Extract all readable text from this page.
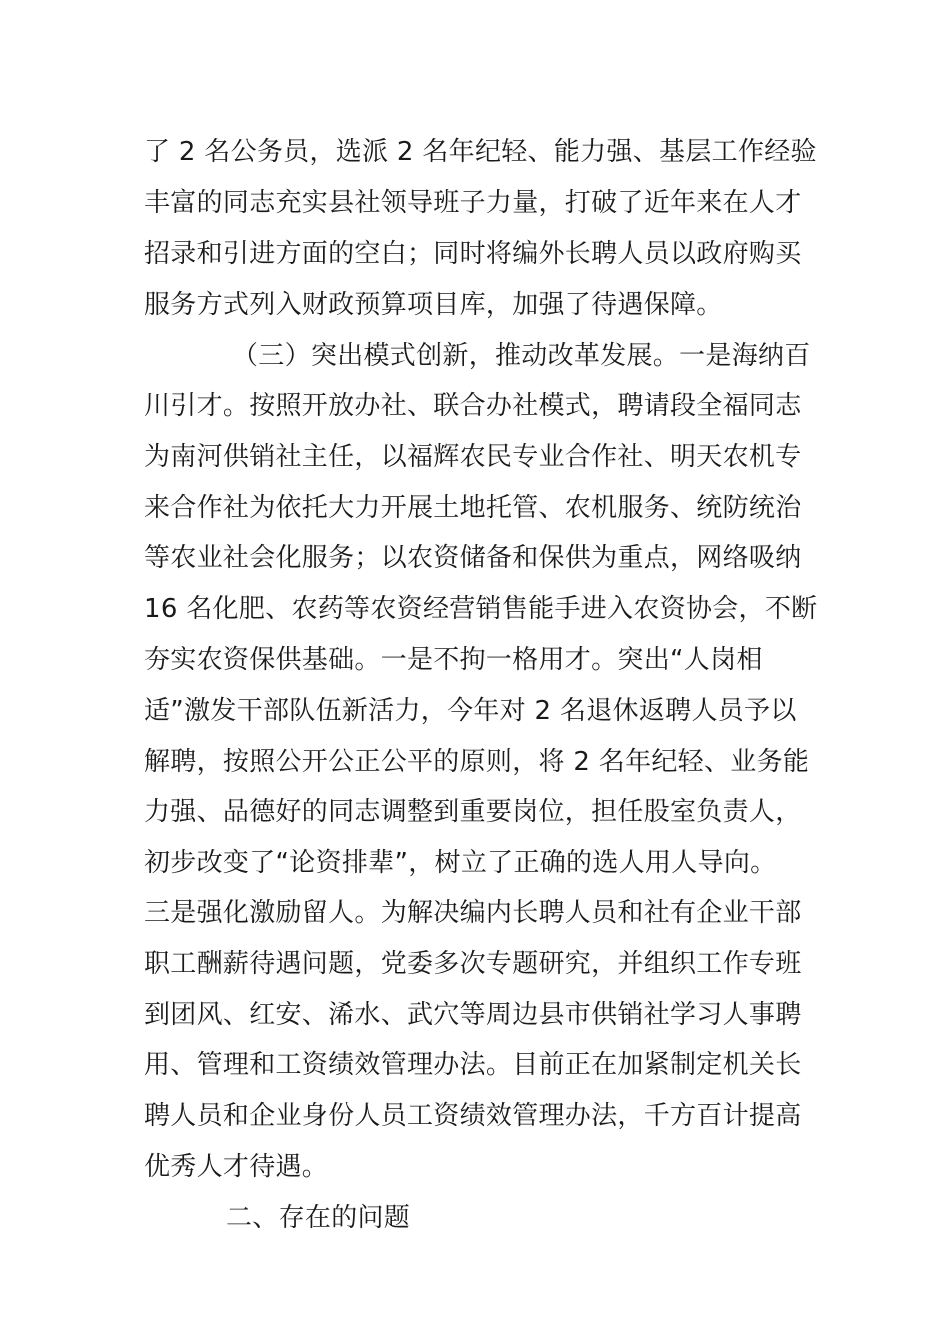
了 2 名公务员，选派 2 名年纪轻、能力强、基层工作经验
丰富的同志充实县社领导班子力量，打破了近年来在人才
招录和引进方面的空白；同时将编外长聘人员以政府购买
服务方式列入财政预算项目库，加强了待遇保障。
（三）突出模式创新，推动改革发展。一是海纳百
川引才。按照开放办社、联合办社模式，聘请段全福同志
为南河供销社主任，以福辉农民专业合作社、明天农机专
来合作社为依托大力开展土地托管、农机服务、统防统治
等农业社会化服务；以农资储备和保供为重点，网络吸纳
16 名化肥、农药等农资经营销售能手进入农资协会，不断
夯实农资保供基础。一是不拘一格用才。突出“人岗相
适”激发干部队伍新活力，今年对 2 名退休返聘人员予以
解聘，按照公开公正公平的原则，将 2 名年纪轻、业务能
力强、品德好的同志调整到重要岗位，担任股室负责人，
初步改变了“论资排辈”，树立了正确的选人用人导向。
三是强化激励留人。为解决编内长聘人员和社有企业干部
职工酬薪待遇问题，党委多次专题研究，并组织工作专班
到团风、红安、浠水、武穴等周边县市供销社学习人事聘
用、管理和工资绩效管理办法。目前正在加紧制定机关长
聘人员和企业身份人员工资绩效管理办法，千方百计提高
优秀人才待遇。
二、存在的问题
